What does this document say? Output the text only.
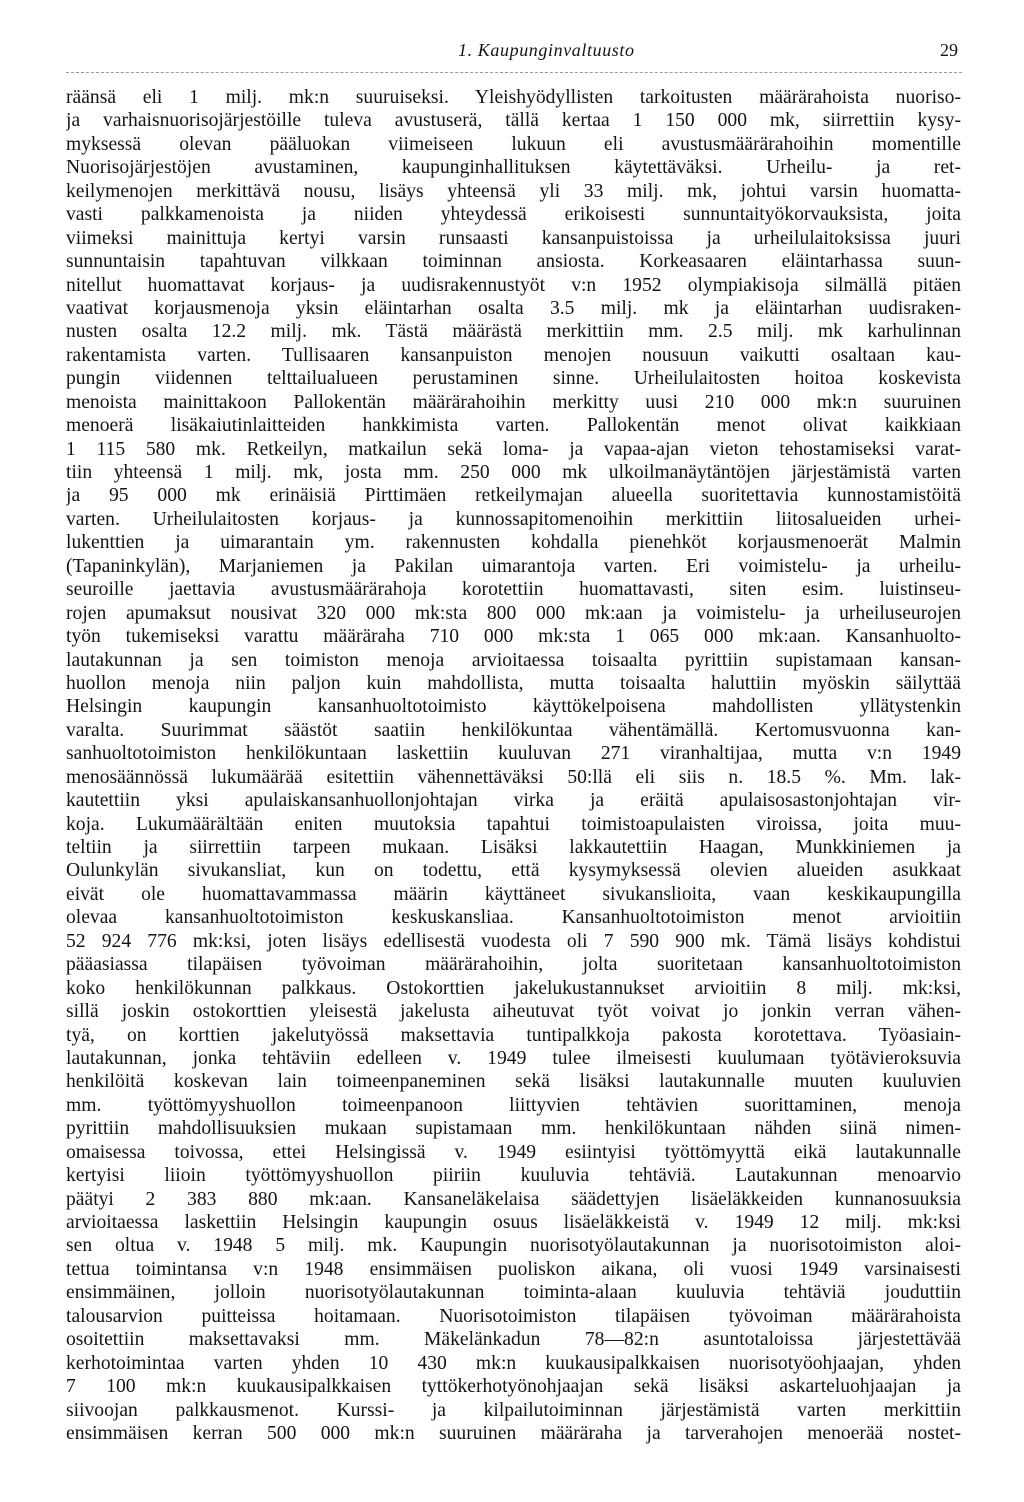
1. Kaupunginvaltuusto	29
räänsä eli 1 milj. mk:n suuruiseksi. Yleishyödyllisten tarkoitusten määrärahoista nuoriso-
ja varhaisnuorisojärjestöille tuleva avustuserä, tällä kertaa 1 150 000 mk, siirrettiin kysy-
myksessä olevan pääluokan viimeiseen lukuun eli avustusmäärärahoihin momentille
Nuorisojärjestöjen avustaminen, kaupunginhallituksen käytettäväksi. Urheilu- ja ret-
keilymenojen merkittävä nousu, lisäys yhteensä yli 33 milj. mk, johtui varsin huomatta-
vasti palkkamenoista ja niiden yhteydessä erikoisesti sunnuntaityökorvauksista, joita
viimeksi mainittuja kertyi varsin runsaasti kansanpuistoissa ja urheilulaitoksissa juuri
sunnuntaisin tapahtuvan vilkkaan toiminnan ansiosta. Korkeasaaren eläintarhassa suun-
nitellut huomattavat korjaus- ja uudisrakennustyöt v:n 1952 olympiakisoja silmällä pitäen
vaativat korjausmenoja yksin eläintarhan osalta 3.5 milj. mk ja eläintarhan uudisraken-
nusten osalta 12.2 milj. mk. Tästä määrästä merkittiin mm. 2.5 milj. mk karhulinnan
rakentamista varten. Tullisaaren kansanpuiston menojen nousuun vaikutti osaltaan kau-
pungin viidennen telttailualueen perustaminen sinne. Urheilulaitosten hoitoa koskevista
menoista mainittakoon Pallokentän määrärahoihin merkitty uusi 210 000 mk:n suuruinen
menoerä lisäkaiutinlaitteiden hankkimista varten. Pallokentän menot olivat kaikkiaan
1 115 580 mk. Retkeilyn, matkailun sekä loma- ja vapaa-ajan vieton tehostamiseksi varat-
tiin yhteensä 1 milj. mk, josta mm. 250 000 mk ulkoilmanäytäntöjen järjestämistä varten
ja 95 000 mk erinäisiä Pirttimäen retkeilymajan alueella suoritettavia kunnostamistöitä
varten. Urheilulaitosten korjaus- ja kunnossapitomenoihin merkittiin liitosalueiden urhei-
lukenttien ja uimarantain ym. rakennusten kohdalla pienehköt korjausmenoerät Malmin
(Tapaninkylän), Marjaniemen ja Pakilan uimarantoja varten. Eri voimistelu- ja urheilu-
seuroille jaettavia avustusmäärärahoja korotettiin huomattavasti, siten esim. luistinseu-
rojen apumaksut nousivat 320 000 mk:sta 800 000 mk:aan ja voimistelu- ja urheiluseurojen
työn tukemiseksi varattu määräraha 710 000 mk:sta 1 065 000 mk:aan. Kansanhuolto-
lautakunnan ja sen toimiston menoja arvioitaessa toisaalta pyrittiin supistamaan kansan-
huollon menoja niin paljon kuin mahdollista, mutta toisaalta haluttiin myöskin säilyttää
Helsingin kaupungin kansanhuoltotoimisto käyttökelpoisena mahdollisten yllätystenkin
varalta. Suurimmat säästöt saatiin henkilökuntaa vähentämällä. Kertomusvuonna kan-
sanhuoltotoimiston henkilökuntaan laskettiin kuuluvan 271 viranhaltijaa, mutta v:n 1949
menosäännössä lukumäärää esitettiin vähennettäväksi 50:llä eli siis n. 18.5 %. Mm. lak-
kautettiin yksi apulaiskansanhuollonjohtajan virka ja eräitä apulaisosastonjohtajan vir-
koja. Lukumäärältään eniten muutoksia tapahtui toimistoapulaisten viroissa, joita muu-
teltiin ja siirrettiin tarpeen mukaan. Lisäksi lakkautettiin Haagan, Munkkiniemen ja
Oulunkylän sivukansliat, kun on todettu, että kysymyksessä olevien alueiden asukkaat
eivät ole huomattavammassa määrin käyttäneet sivukanslioita, vaan keskikaupungilla
olevaa kansanhuoltotoimiston keskuskansliaa. Kansanhuoltotoimiston menot arvioitiin
52 924 776 mk:ksi, joten lisäys edellisestä vuodesta oli 7 590 900 mk. Tämä lisäys kohdistui
pääasiassa tilapäisen työvoiman määrärahoihin, jolta suoritetaan kansanhuoltotoimiston
koko henkilökunnan palkkaus. Ostokorttien jakelukustannukset arvioitiin 8 milj. mk:ksi,
sillä joskin ostokorttien yleisestä jakelusta aiheutuvat työt voivat jo jonkin verran vähen-
tyä, on korttien jakelutyössä maksettavia tuntipalkkoja pakosta korotettava. Työasiain-
lautakunnan, jonka tehtäviin edelleen v. 1949 tulee ilmeisesti kuulumaan työtävieroksuvia
henkilöitä koskevan lain toimeenpaneminen sekä lisäksi lautakunnalle muuten kuuluvien
mm. työttömyyshuollon toimeenpanoon liittyvien tehtävien suorittaminen, menoja
pyrittiin mahdollisuuksien mukaan supistamaan mm. henkilökuntaan nähden siinä nimen-
omaisessa toivossa, ettei Helsingissä v. 1949 esiintyisi työttömyyttä eikä lautakunnalle
kertyisi liioin työttömyyshuollon piiriin kuuluvia tehtäviä. Lautakunnan menoarvio
päätyi 2 383 880 mk:aan. Kansaneläkelaisa säädettyjen lisäeläkkeiden kunnanosuuksia
arvioitaessa laskettiin Helsingin kaupungin osuus lisäeläkkeistä v. 1949 12 milj. mk:ksi
sen oltua v. 1948 5 milj. mk. Kaupungin nuorisotyölautakunnan ja nuorisotoimiston aloi-
tettua toimintansa v:n 1948 ensimmäisen puoliskon aikana, oli vuosi 1949 varsinaisesti
ensimmäinen, jolloin nuorisotyölautakunnan toiminta-alaan kuuluvia tehtäviä jouduttiin
talousarvion puitteissa hoitamaan. Nuorisotoimiston tilapäisen työvoiman määrärahoista
osoitettiin maksettavaksi mm. Mäkelänkadun 78—82:n asuntotaloissa järjestettävää
kerhotoimintaa varten yhden 10 430 mk:n kuukausipalkkaisen nuorisotyöohjaajan, yhden
7 100 mk:n kuukausipalkkaisen tyttökerhotyönohjaajan sekä lisäksi askarteluohjaajan ja
siivoojan palkkausmenot. Kurssi- ja kilpailutoiminnan järjestämistä varten merkittiin
ensimmäisen kerran 500 000 mk:n suuruinen määräraha ja tarverahojen menoerää nostet-
